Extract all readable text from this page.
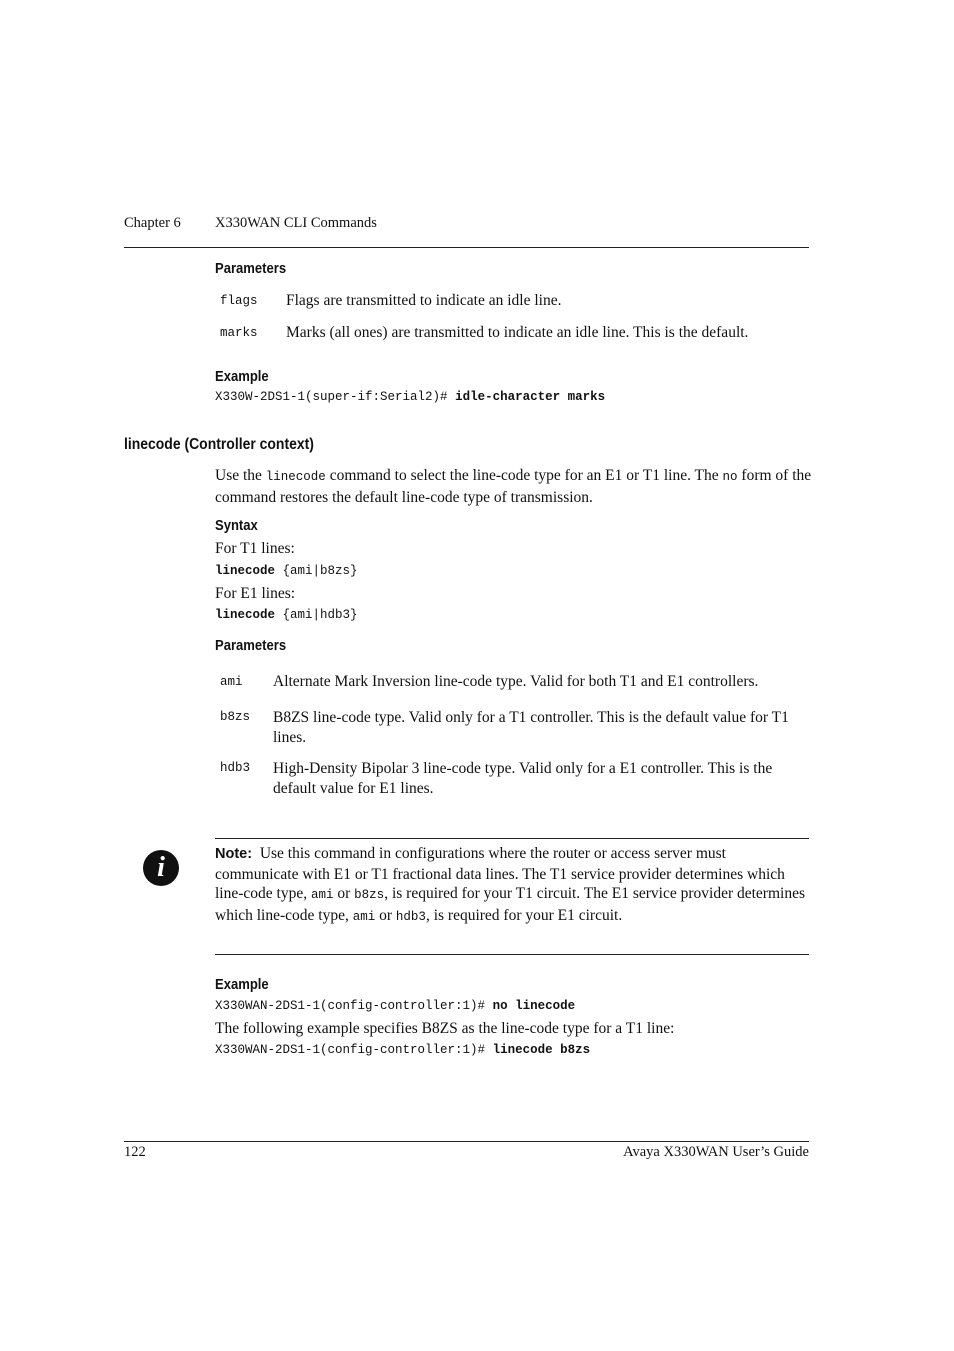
Chapter 6 X330WAN CLI Commands
Parameters
flags Flags are transmitted to indicate an idle line.
marks Marks (all ones) are transmitted to indicate an idle line. This is the default.
Example
X330W-2DS1-1(super-if:Serial2)# idle-character marks
linecode (Controller context)
Use the linecode command to select the line-code type for an E1 or T1 line. The no form of the command restores the default line-code type of transmission.
Syntax
For T1 lines:
linecode {ami|b8zs}
For E1 lines:
linecode {ami|hdb3}
Parameters
ami Alternate Mark Inversion line-code type. Valid for both T1 and E1 controllers.
b8zs B8ZS line-code type. Valid only for a T1 controller. This is the default value for T1 lines.
hdb3 High-Density Bipolar 3 line-code type. Valid only for a E1 controller. This is the default value for E1 lines.
i	Note: Use this command in configurations where the router or access server must communicate with E1 or T1 fractional data lines. The T1 service provider determines which line-code type, ami or b8zs, is required for your T1 circuit. The E1 service provider determines which line-code type, ami or hdb3, is required for your E1 circuit.
Example
X330WAN-2DS1-1(config-controller:1)# no linecode
The following example specifies B8ZS as the line-code type for a T1 line:
X330WAN-2DS1-1(config-controller:1)# linecode b8zs
122	Avaya X330WAN User’s Guide
